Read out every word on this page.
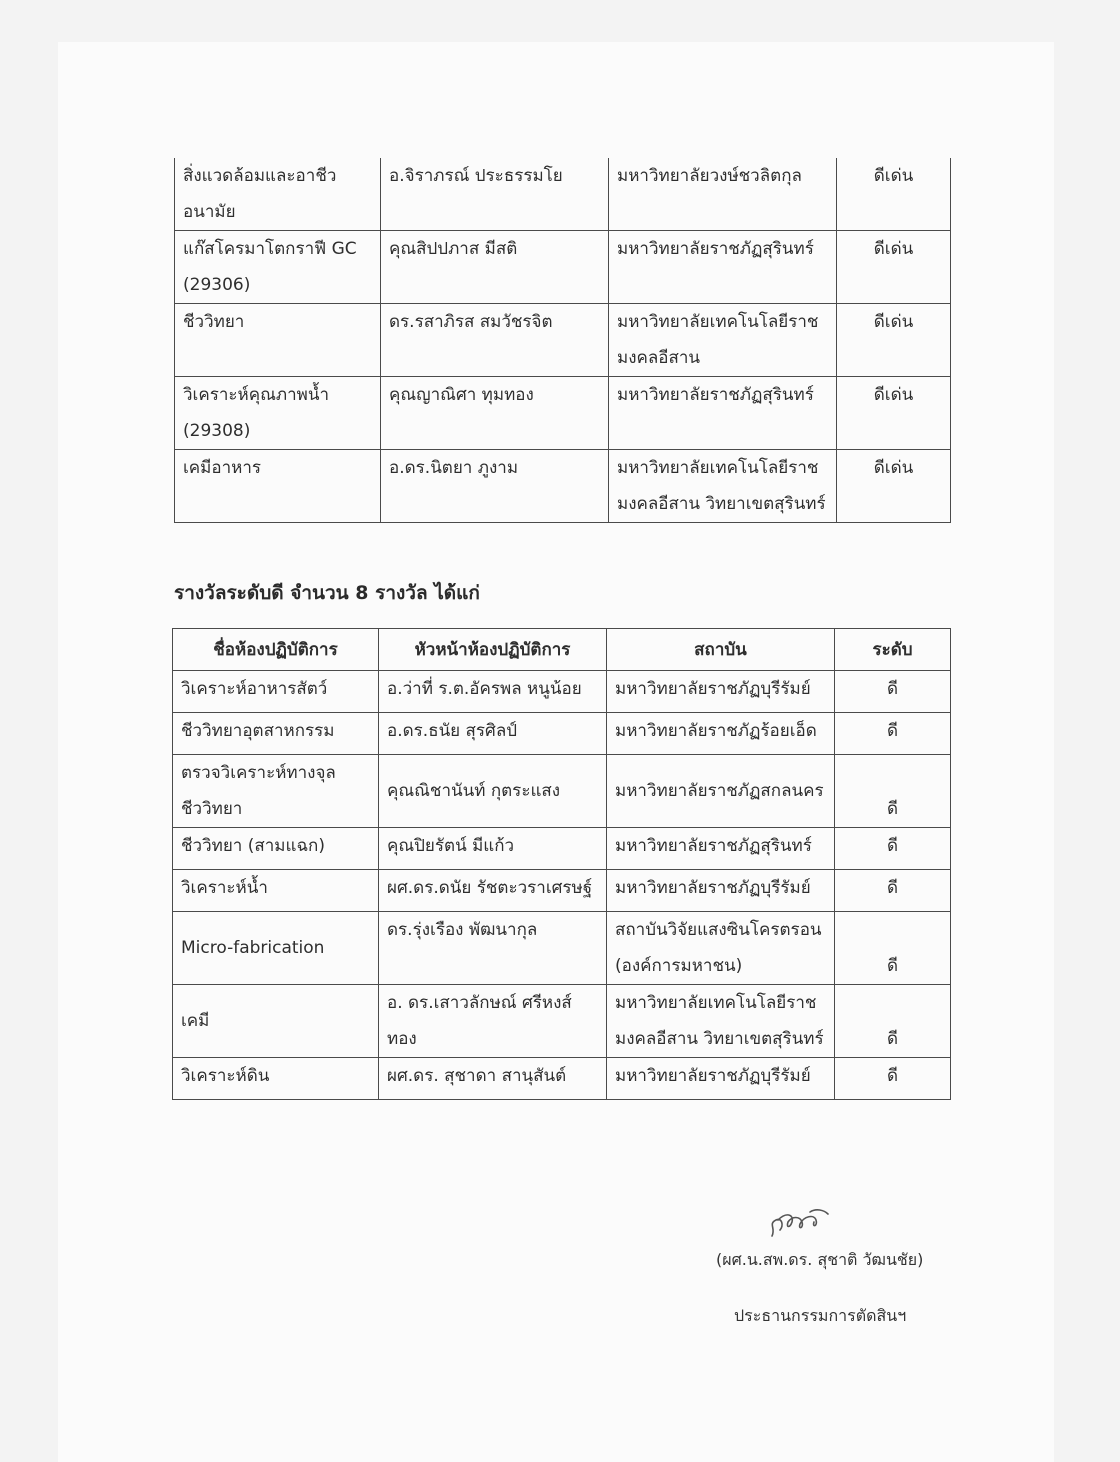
สิ่งแวดล้อมและอาชีวอนามัย	อ.จิราภรณ์ ประธรรมโย	มหาวิทยาลัยวงษ์ชวลิตกุล	ดีเด่น
แก๊สโครมาโตกราฟี GC (29306)	คุณสิปปภาส มีสติ	มหาวิทยาลัยราชภัฏสุรินทร์	ดีเด่น
ชีววิทยา	ดร.รสาภิรส สมวัชรจิต	มหาวิทยาลัยเทคโนโลยีราชมงคลอีสาน	ดีเด่น
วิเคราะห์คุณภาพน้ำ (29308)	คุณญาณิศา ทุมทอง	มหาวิทยาลัยราชภัฏสุรินทร์	ดีเด่น
เคมีอาหาร	อ.ดร.นิตยา ภูงาม	มหาวิทยาลัยเทคโนโลยีราชมงคลอีสาน วิทยาเขตสุรินทร์	ดีเด่น
รางวัลระดับดี จำนวน 8 รางวัล ได้แก่
ชื่อห้องปฏิบัติการ	หัวหน้าห้องปฏิบัติการ	สถาบัน	ระดับ
วิเคราะห์อาหารสัตว์	อ.ว่าที่ ร.ต.อัครพล หนูน้อย	มหาวิทยาลัยราชภัฏบุรีรัมย์	ดี
ชีววิทยาอุตสาหกรรม	อ.ดร.ธนัย สุรศิลป์	มหาวิทยาลัยราชภัฏร้อยเอ็ด	ดี
ตรวจวิเคราะห์ทางจุลชีววิทยา	คุณณิชานันท์ กุตระแสง	มหาวิทยาลัยราชภัฏสกลนคร	ดี
ชีววิทยา (สามแฉก)	คุณปิยรัตน์ มีแก้ว	มหาวิทยาลัยราชภัฏสุรินทร์	ดี
วิเคราะห์น้ำ	ผศ.ดร.ดนัย รัชตะวราเศรษฐ์	มหาวิทยาลัยราชภัฏบุรีรัมย์	ดี
Micro-fabrication	ดร.รุ่งเรือง พัฒนากุล	สถาบันวิจัยแสงซินโครตรอน (องค์การมหาชน)	ดี
เคมี	อ. ดร.เสาวลักษณ์ ศรีหงส์ทอง	มหาวิทยาลัยเทคโนโลยีราชมงคลอีสาน วิทยาเขตสุรินทร์	ดี
วิเคราะห์ดิน	ผศ.ดร. สุชาดา สานุสันต์	มหาวิทยาลัยราชภัฏบุรีรัมย์	ดี
(ผศ.น.สพ.ดร. สุชาติ วัฒนชัย)
ประธานกรรมการตัดสินฯ
